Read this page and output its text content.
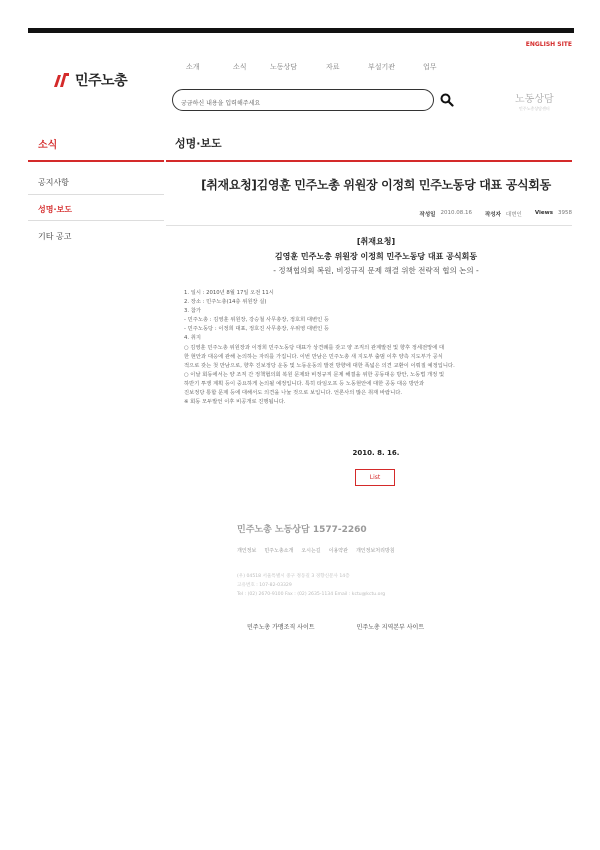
ENGLISH SITE
민주노총
소개	소식	노동상담	자료	부설기관	업무
궁금하신 내용을 입력해주세요
노동상담
민주노총상담센터
소식
공지사항
성명·보도
기타 공고
성명·보도
[취재요청]김영훈 민주노총 위원장 이정희 민주노동당 대표 공식회동
작성일 2010.08.16 작성자 대변인 Views 3958
[취재요청]
김영훈 민주노총 위원장 이정희 민주노동당 대표 공식회동
- 정책협의회 복원, 비정규직 문제 해결 위한 전략적 협의 논의 -

1. 일시 : 2010년 8월 17일 오전 11시

2. 장소 : 민주노총(14층 위원장 실)

3. 참가

- 민주노총 : 김영훈 위원장, 강승철 사무총장, 정호희 대변인 등

- 민주노동당 : 이정희 대표, 정호진 사무총장, 우위영 대변인 등

4. 취지

○ 김영훈 민주노총 위원장과 이정희 민주노동당 대표가 상견례를 갖고 양 조직의 관계발전 및 향후 정세전망에 대

한 현안과 대응에 관해 논의하는 자리를 가집니다. 이번 만남은 민주노총 새 지도부 출범 이후 양측 지도부가 공식

적으로 갖는 첫 만남으로, 향후 진보정당 운동 및 노동운동의 발전 방향에 대한 폭넓은 의견 교환이 이뤄질 예정입니다.

○ 이날 회동에서는 양 조직 간 정책협의회 복원 문제와 비정규직 문제 해결을 위한 공동대응 방안, 노동법 개정 및

하반기 투쟁 계획 등이 중요하게 논의될 예정입니다. 특히 타임오프 등 노동현안에 대한 공동 대응 방안과

진보정당 통합 문제 등에 대해서도 의견을 나눌 것으로 보입니다. 언론사의 많은 취재 바랍니다.

※ 회동 모두발언 이후 비공개로 진행됩니다.

2010. 8. 16.
List
민주노총 노동상담 1577-2260
개인정보 민주노총소개 오시는길 이용약관 개인정보처리방침
(우) 04518 서울특별시 중구 정동길 3 경향신문사 14층
고유번호 : 107-82-03329
Tel : (02) 2670-9100 Fax : (02) 2635-1134 Email : kctu@kctu.org
민주노총 가맹조직 사이트	민주노총 지역본부 사이트
